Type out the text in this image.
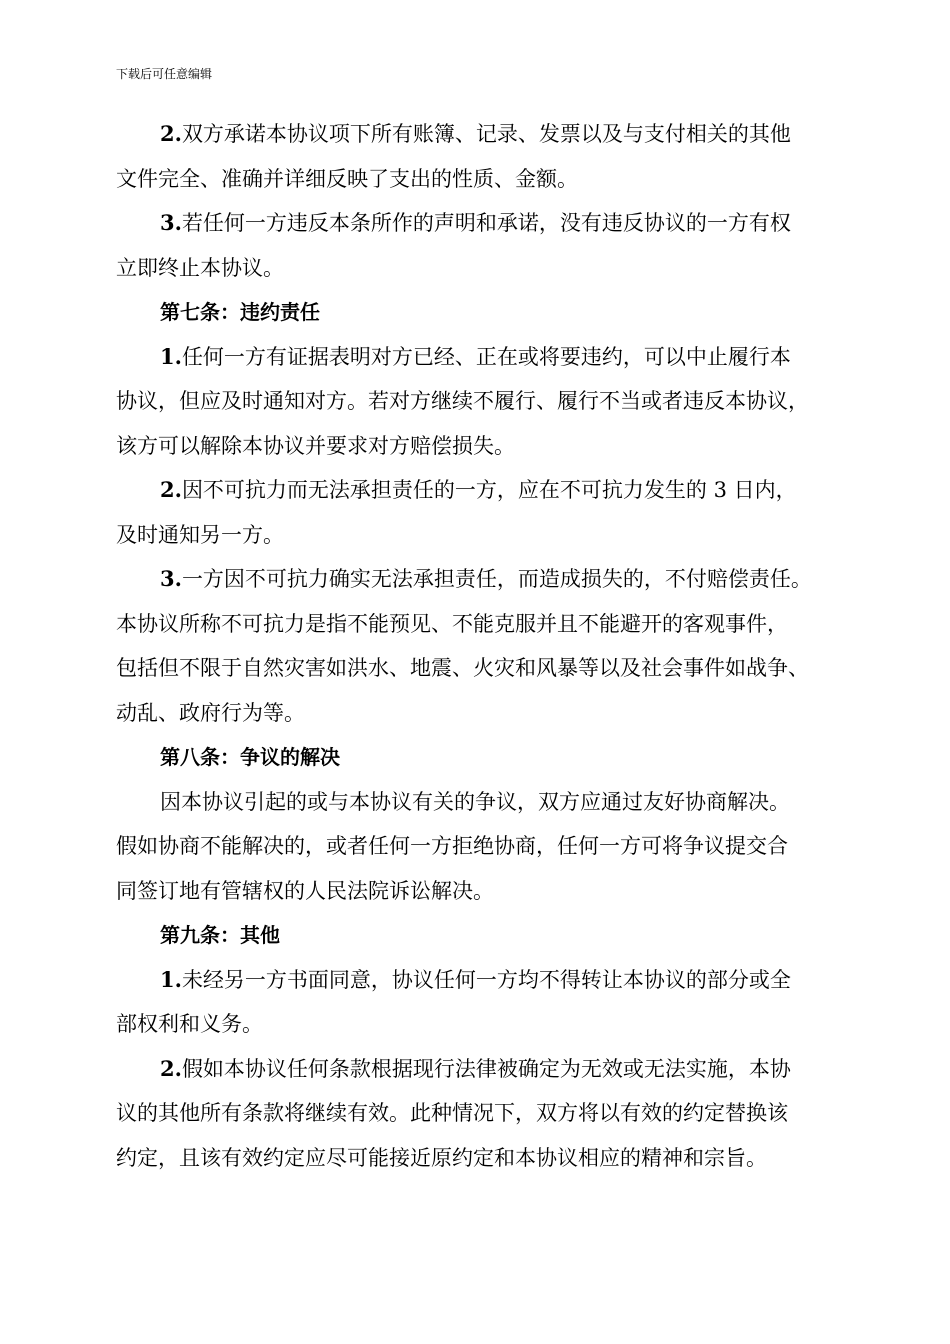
下载后可任意编辑
2.双方承诺本协议项下所有账簿、记录、发票以及与支付相关的其他
文件完全、准确并详细反映了支出的性质、金额。
3.若任何一方违反本条所作的声明和承诺，没有违反协议的一方有权
立即终止本协议。
第七条：违约责任
1.任何一方有证据表明对方已经、正在或将要违约，可以中止履行本
协议，但应及时通知对方。若对方继续不履行、履行不当或者违反本协议，
该方可以解除本协议并要求对方赔偿损失。
2.因不可抗力而无法承担责任的一方，应在不可抗力发生的 3 日内，
及时通知另一方。
3.一方因不可抗力确实无法承担责任，而造成损失的，不付赔偿责任。
本协议所称不可抗力是指不能预见、不能克服并且不能避开的客观事件，
包括但不限于自然灾害如洪水、地震、火灾和风暴等以及社会事件如战争、
动乱、政府行为等。
第八条：争议的解决
因本协议引起的或与本协议有关的争议，双方应通过友好协商解决。
假如协商不能解决的，或者任何一方拒绝协商，任何一方可将争议提交合
同签订地有管辖权的人民法院诉讼解决。
第九条：其他
1.未经另一方书面同意，协议任何一方均不得转让本协议的部分或全
部权利和义务。
2.假如本协议任何条款根据现行法律被确定为无效或无法实施，本协
议的其他所有条款将继续有效。此种情况下，双方将以有效的约定替换该
约定，且该有效约定应尽可能接近原约定和本协议相应的精神和宗旨。
